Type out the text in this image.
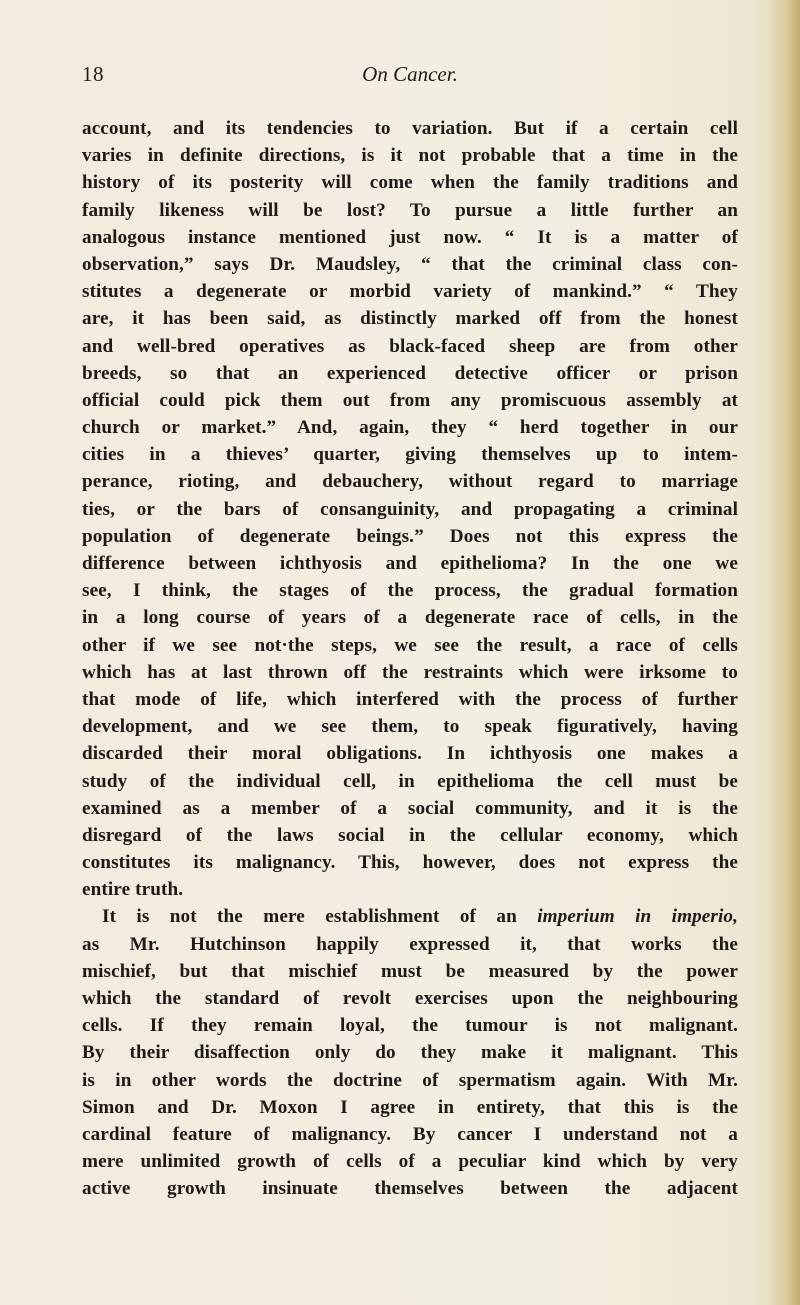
18	On Cancer.
account, and its tendencies to variation. But if a certain cell
varies in definite directions, is it not probable that a time in the
history of its posterity will come when the family traditions and
family likeness will be lost? To pursue a little further an
analogous instance mentioned just now. “ It is a matter of
observation,” says Dr. Maudsley, “ that the criminal class con-
stitutes a degenerate or morbid variety of mankind.” “ They
are, it has been said, as distinctly marked off from the honest
and well-bred operatives as black-faced sheep are from other
breeds, so that an experienced detective officer or prison
official could pick them out from any promiscuous assembly at
church or market.” And, again, they “ herd together in our
cities in a thieves’ quarter, giving themselves up to intem-
perance, rioting, and debauchery, without regard to marriage
ties, or the bars of consanguinity, and propagating a criminal
population of degenerate beings.” Does not this express the
difference between ichthyosis and epithelioma? In the one we
see, I think, the stages of the process, the gradual formation
in a long course of years of a degenerate race of cells, in the
other if we see not·the steps, we see the result, a race of cells
which has at last thrown off the restraints which were irksome to
that mode of life, which interfered with the process of further
development, and we see them, to speak figuratively, having
discarded their moral obligations. In ichthyosis one makes a
study of the individual cell, in epithelioma the cell must be
examined as a member of a social community, and it is the
disregard of the laws social in the cellular economy, which
constitutes its malignancy. This, however, does not express the
entire truth.
It is not the mere establishment of an imperium in imperio,
as Mr. Hutchinson happily expressed it, that works the
mischief, but that mischief must be measured by the power
which the standard of revolt exercises upon the neighbouring
cells. If they remain loyal, the tumour is not malignant.
By their disaffection only do they make it malignant. This
is in other words the doctrine of spermatism again. With Mr.
Simon and Dr. Moxon I agree in entirety, that this is the
cardinal feature of malignancy. By cancer I understand not a
mere unlimited growth of cells of a peculiar kind which by very
active growth insinuate themselves between the adjacent
